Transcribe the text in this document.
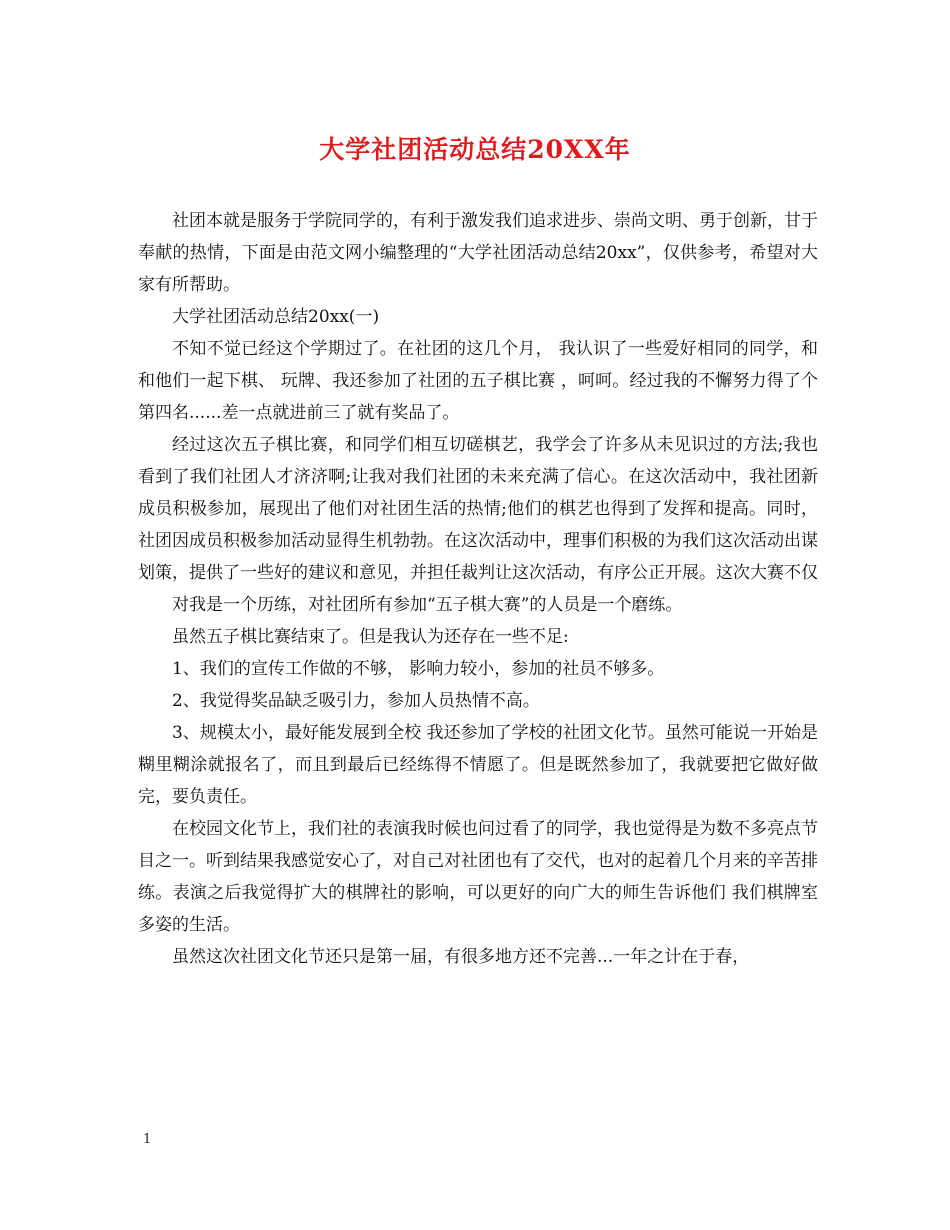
大学社团活动总结20XX年

社团本就是服务于学院同学的，有利于激发我们追求进步、崇尚文明、勇于创新，甘于奉献的热情，下面是由范文网小编整理的“大学社团活动总结20xx”，仅供参考，希望对大家有所帮助。

大学社团活动总结20xx(一)

不知不觉已经这个学期过了。在社团的这几个月， 我认识了一些爱好相同的同学，和和他们一起下棋、 玩牌、我还参加了社团的五子棋比赛 ，呵呵。经过我的不懈努力得了个第四名......差一点就进前三了就有奖品了。

经过这次五子棋比赛，和同学们相互切磋棋艺，我学会了许多从未见识过的方法;我也看到了我们社团人才济济啊;让我对我们社团的未来充满了信心。在这次活动中，我社团新成员积极参加，展现出了他们对社团生活的热情;他们的棋艺也得到了发挥和提高。同时，社团因成员积极参加活动显得生机勃勃。在这次活动中，理事们积极的为我们这次活动出谋划策，提供了一些好的建议和意见，并担任裁判让这次活动，有序公正开展。这次大赛不仅

对我是一个历练，对社团所有参加“五子棋大赛”的人员是一个磨练。

虽然五子棋比赛结束了。但是我认为还存在一些不足:

1、我们的宣传工作做的不够， 影响力较小，参加的社员不够多。

2、我觉得奖品缺乏吸引力，参加人员热情不高。

3、规模太小，最好能发展到全校 我还参加了学校的社团文化节。虽然可能说一开始是糊里糊涂就报名了，而且到最后已经练得不情愿了。但是既然参加了，我就要把它做好做完，要负责任。

在校园文化节上，我们社的表演我时候也问过看了的同学，我也觉得是为数不多亮点节目之一。听到结果我感觉安心了，对自己对社团也有了交代，也对的起着几个月来的辛苦排练。表演之后我觉得扩大的棋牌社的影响，可以更好的向广大的师生告诉他们 我们棋牌室多姿的生活。

虽然这次社团文化节还只是第一届，有很多地方还不完善...一年之计在于春，

1
